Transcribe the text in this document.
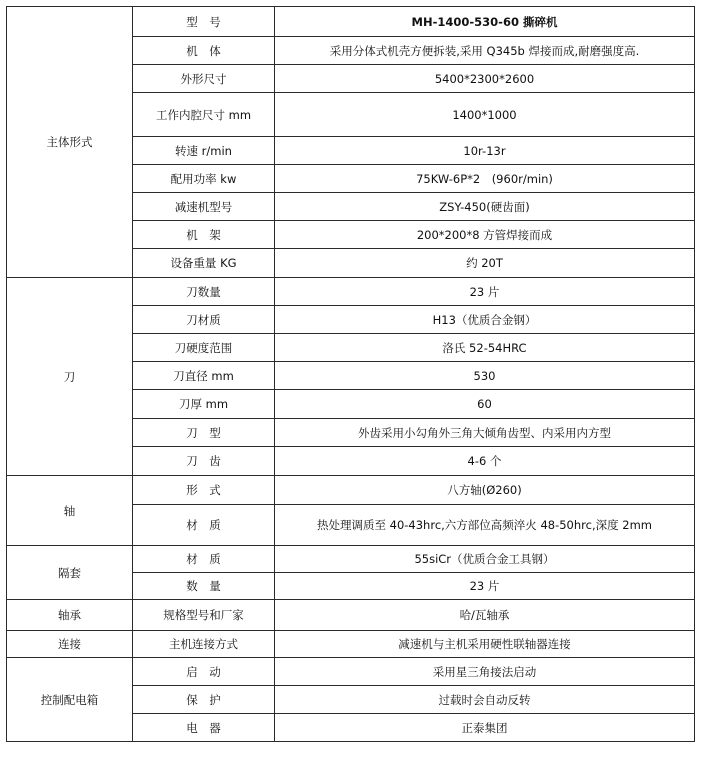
主体形式	型　号	MH-1400-530-60 撕碎机
	机　体	采用分体式机壳方便拆装,采用 Q345b 焊接而成,耐磨强度高.
	外形尺寸	5400*2300*2600
	工作内腔尺寸 mm	1400*1000
	转速 r/min	10r-13r
	配用功率 kw	75KW-6P*2　(960r/min)
	减速机型号	ZSY-450(硬齿面)
	机　架	200*200*8 方管焊接而成
	设备重量 KG	约 20T
刀	刀数量	23 片
	刀材质	H13（优质合金钢）
	刀硬度范围	洛氏 52-54HRC
	刀直径 mm	530
	刀厚 mm	60
	刀　型	外齿采用小勾角外三角大倾角齿型、内采用内方型
	刀　齿	4-6 个
轴	形　式	八方轴(Ø260)
	材　质	热处理调质至 40-43hrc,六方部位高频淬火 48-50hrc,深度 2mm
隔套	材　质	55siCr（优质合金工具钢）
	数　量	23 片
轴承	规格型号和厂家	哈/瓦轴承
连接	主机连接方式	减速机与主机采用硬性联轴器连接
控制配电箱	启　动	采用星三角接法启动
	保　护	过载时会自动反转
	电　器	正泰集团
